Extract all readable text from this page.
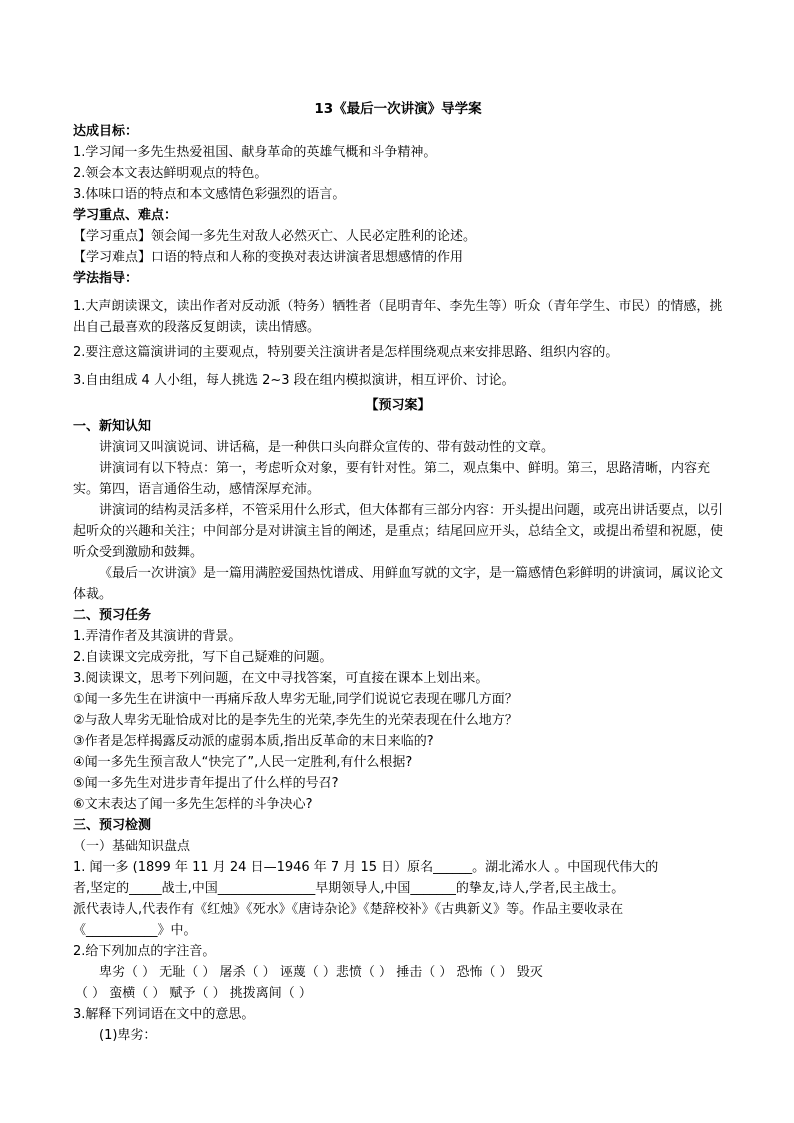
13《最后一次讲演》导学案
达成目标：
1.学习闻一多先生热爱祖国、献身革命的英雄气概和斗争精神。
2.领会本文表达鲜明观点的特色。
3.体味口语的特点和本文感情色彩强烈的语言。
学习重点、难点：
【学习重点】领会闻一多先生对敌人必然灭亡、人民必定胜利的论述。
【学习难点】口语的特点和人称的变换对表达讲演者思想感情的作用
学法指导：
1.大声朗读课文，读出作者对反动派（特务）牺牲者（昆明青年、李先生等）听众（青年学生、市民）的情感，挑出自己最喜欢的段落反复朗读，读出情感。
2.要注意这篇演讲词的主要观点，特别要关注演讲者是怎样围绕观点来安排思路、组织内容的。
3.自由组成 4 人小组，每人挑选 2~3 段在组内模拟演讲，相互评价、讨论。
【预习案】
一、新知认知
讲演词又叫演说词、讲话稿，是一种供口头向群众宣传的、带有鼓动性的文章。
讲演词有以下特点：第一，考虑听众对象，要有针对性。第二，观点集中、鲜明。第三，思路清晰，内容充实。第四，语言通俗生动，感情深厚充沛。
讲演词的结构灵活多样，不管采用什么形式，但大体都有三部分内容：开头提出问题，或亮出讲话要点，以引起听众的兴趣和关注；中间部分是对讲演主旨的阐述，是重点；结尾回应开头，总结全文，或提出希望和祝愿，使听众受到激励和鼓舞。
《最后一次讲演》是一篇用满腔爱国热忱谱成、用鲜血写就的文字，是一篇感情色彩鲜明的讲演词，属议论文体裁。
二、预习任务
1.弄清作者及其演讲的背景。
2.自读课文完成旁批，写下自己疑难的问题。
3.阅读课文，思考下列问题，在文中寻找答案，可直接在课本上划出来。
①闻一多先生在讲演中一再痛斥敌人卑劣无耻,同学们说说它表现在哪几方面？
②与敌人卑劣无耻恰成对比的是李先生的光荣,李先生的光荣表现在什么地方？
③作者是怎样揭露反动派的虚弱本质,指出反革命的末日来临的?
④闻一多先生预言敌人“快完了”,人民一定胜利,有什么根据?
⑤闻一多先生对进步青年提出了什么样的号召?
⑥文末表达了闻一多先生怎样的斗争决心?
三、预习检测
（一）基础知识盘点
1. 闻一多 (1899 年 11 月 24 日—1946 年 7 月 15 日）原名______。湖北浠水人 。中国现代伟大的
者,坚定的_____战士,中国_______________早期领导人,中国_______的挚友,诗人,学者,民主战士。
派代表诗人,代表作有《红烛》《死水》《唐诗杂论》《楚辞校补》《古典新义》等。作品主要收录在
《___________》中。
2.给下列加点的字注音。
卑劣（ ） 无耻（ ） 屠杀（ ） 诬蔑（ ）悲愤（ ） 捶击（ ） 恐怖（ ） 毁灭
（ ） 蛮横（ ） 赋予（ ） 挑拨离间（ ）
3.解释下列词语在文中的意思。
(1)卑劣：
